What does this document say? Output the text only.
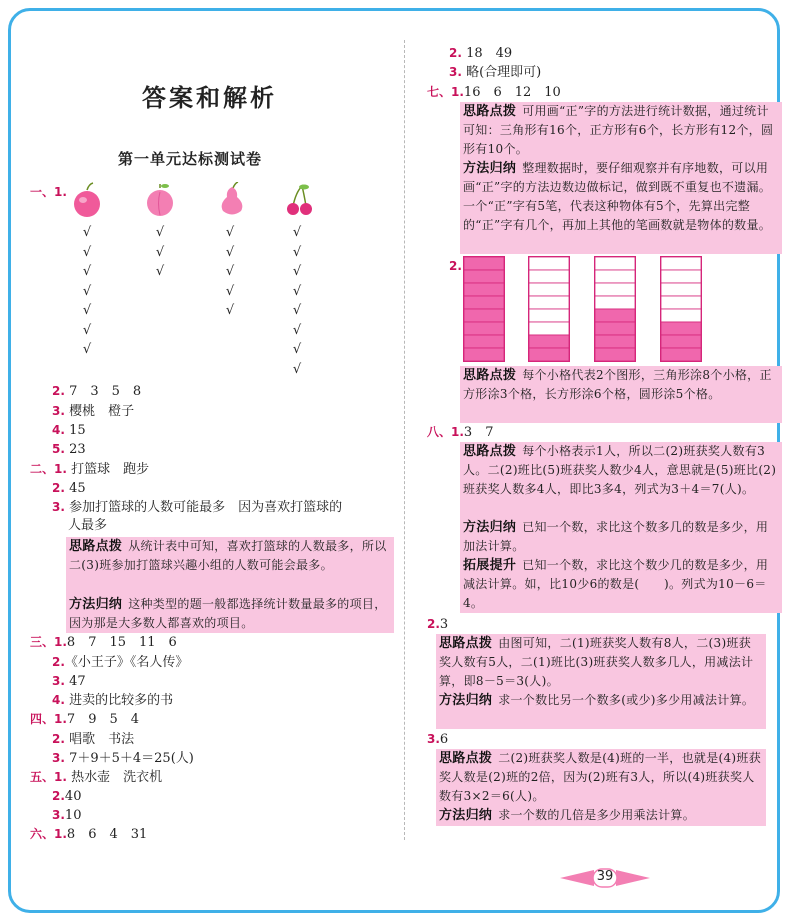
答案和解析
第一单元达标测试卷
一、1.
√
√
√
√
√
√
√
√
√
√
√
√
√
√
√
√
√
√
√
√
√
√
√
2. 7　3　5　8
3. 樱桃　橙子
4. 15
5. 23
二、1. 打篮球　跑步
2. 45
3. 参加打篮球的人数可能最多　因为喜欢打篮球的
人最多
思路点拨 从统计表中可知，喜欢打篮球的人数最多，所以二(3)班参加打篮球兴趣小组的人数可能会最多。
方法归纳 这种类型的题一般都选择统计数量最多的项目，因为那是大多数人都喜欢的项目。
三、1.8　7　15　11　6
2.《小王子》《名人传》
3. 47
4. 进卖的比较多的书
四、1.7　9　5　4
2. 唱歌　书法
3. 7＋9＋5＋4＝25(人)
五、1. 热水壶　洗衣机
2.40
3.10
六、1.8　6　4　31
2. 18　49
3. 略(合理即可)
七、1.16　6　12　10
思路点拨 可用画“正”字的方法进行统计数据，通过统计可知：三角形有16个，正方形有6个，长方形有12个，圆形有10个。
方法归纳 整理数据时，要仔细观察并有序地数，可以用画“正”字的方法边数边做标记，做到既不重复也不遗漏。一个“正”字有5笔，代表这种物体有5个，先算出完整的“正”字有几个，再加上其他的笔画数就是物体的数量。
2.
思路点拨 每个小格代表2个图形，三角形涂8个小格，正方形涂3个格，长方形涂6个格，圆形涂5个格。
八、1.3　7
思路点拨 每个小格表示1人，所以二(2)班获奖人数有3人。二(2)班比(5)班获奖人数少4人，意思就是(5)班比(2)班获奖人数多4人，即比3多4，列式为3＋4＝7(人)。
方法归纳 已知一个数，求比这个数多几的数是多少，用加法计算。
拓展提升 已知一个数，求比这个数少几的数是多少，用减法计算。如，比10少6的数是(　　)。列式为10－6＝4。
2.3
思路点拨 由图可知，二(1)班获奖人数有8人，二(3)班获奖人数有5人，二(1)班比(3)班获奖人数多几人，用减法计算，即8－5＝3(人)。
方法归纳 求一个数比另一个数多(或少)多少用减法计算。
3.6
思路点拨 二(2)班获奖人数是(4)班的一半，也就是(4)班获奖人数是(2)班的2倍，因为(2)班有3人，所以(4)班获奖人数有3×2＝6(人)。
方法归纳 求一个数的几倍是多少用乘法计算。
39
